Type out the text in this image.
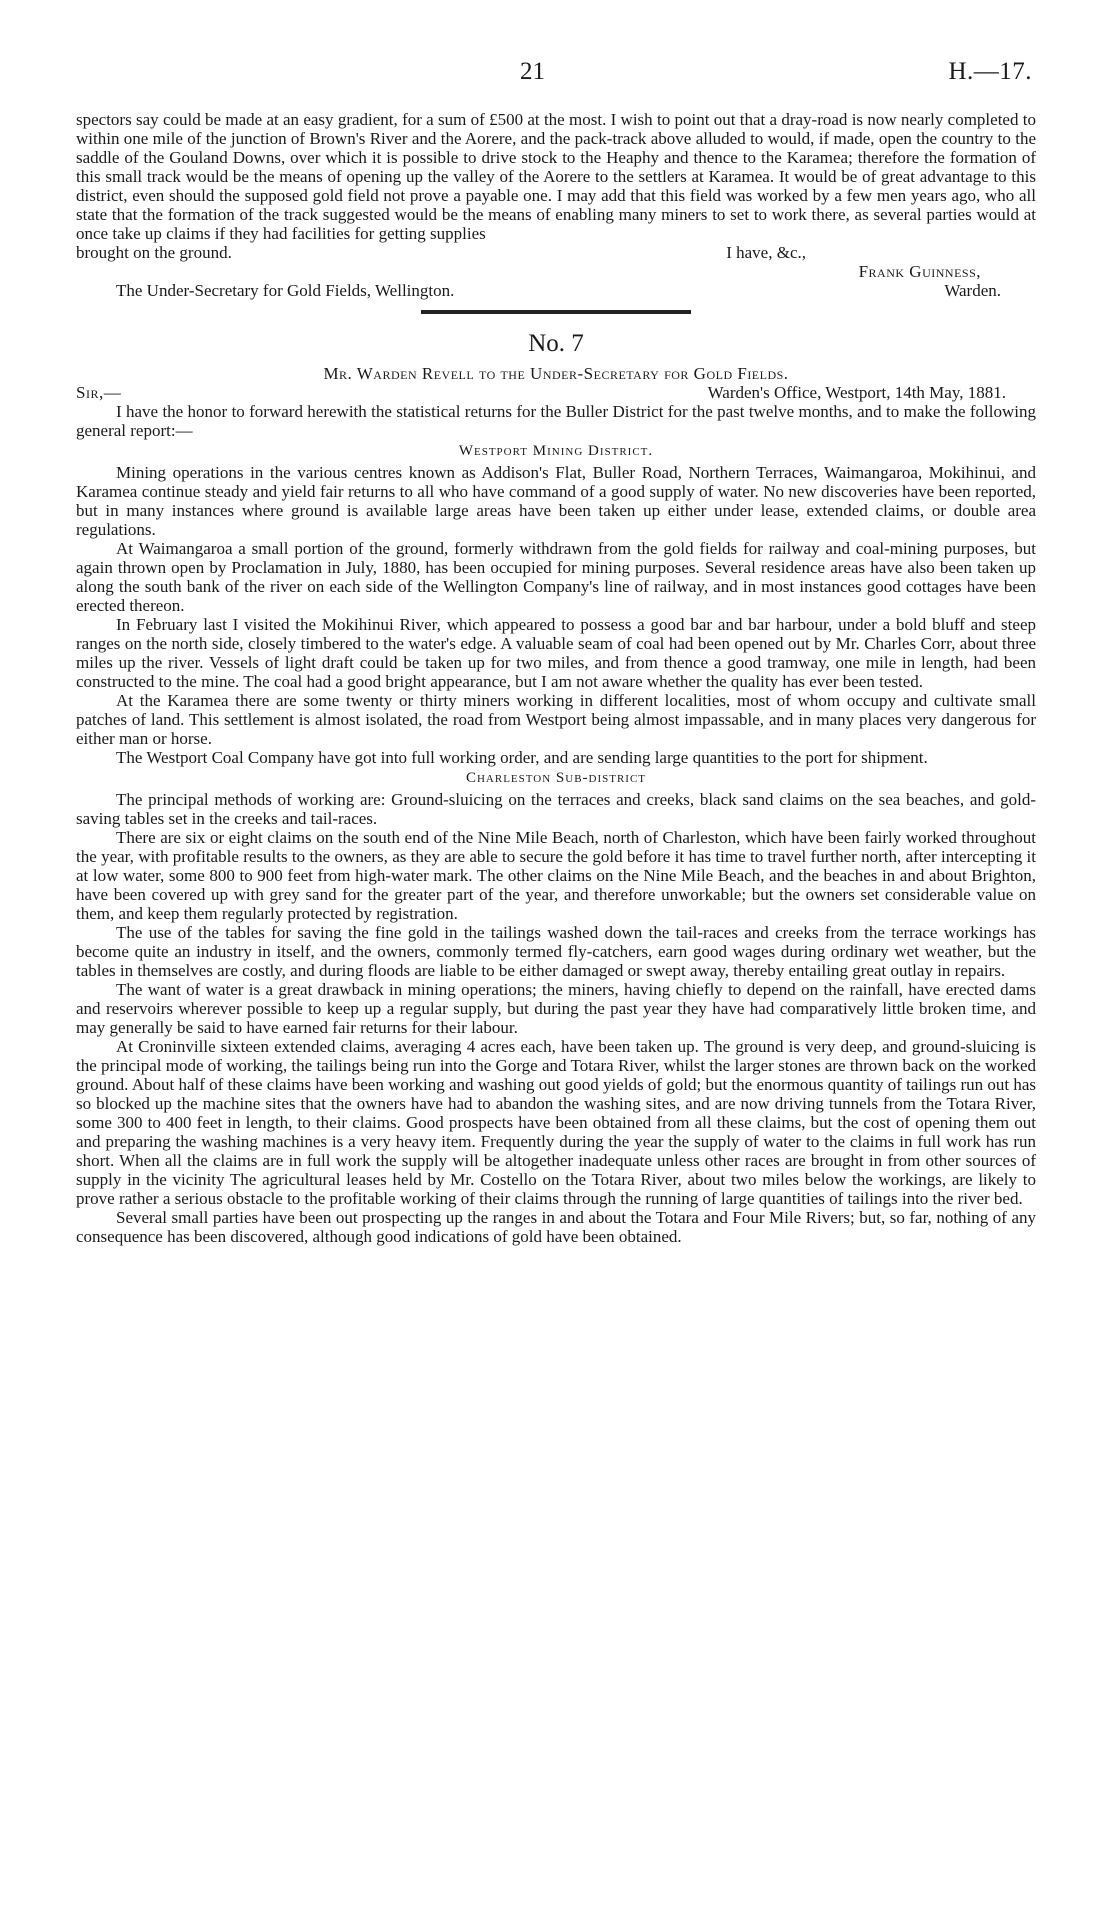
21	H.—17.

spectors say could be made at an easy gradient, for a sum of £500 at the most. I wish to point out that a dray-road is now nearly completed to within one mile of the junction of Brown's River and the Aorere, and the pack-track above alluded to would, if made, open the country to the saddle of the Gouland Downs, over which it is possible to drive stock to the Heaphy and thence to the Karamea; therefore the formation of this small track would be the means of opening up the valley of the Aorere to the settlers at Karamea. It would be of great advantage to this district, even should the supposed gold field not prove a payable one. I may add that this field was worked by a few men years ago, who all state that the formation of the track suggested would be the means of enabling many miners to set to work there, as several parties would at once take up claims if they had facilities for getting supplies

brought on the ground.	I have, &c.,
Frank Guinness,
The Under-Secretary for Gold Fields, Wellington.	Warden.
No. 7
Mr. Warden Revell to the Under-Secretary for Gold Fields.
Sir,—	Warden's Office, Westport, 14th May, 1881.

I have the honor to forward herewith the statistical returns for the Buller District for the past twelve months, and to make the following general report:—

Westport Mining District.

Mining operations in the various centres known as Addison's Flat, Buller Road, Northern Terraces, Waimangaroa, Mokihinui, and Karamea continue steady and yield fair returns to all who have command of a good supply of water. No new discoveries have been reported, but in many instances where ground is available large areas have been taken up either under lease, extended claims, or double area regulations.

At Waimangaroa a small portion of the ground, formerly withdrawn from the gold fields for railway and coal-mining purposes, but again thrown open by Proclamation in July, 1880, has been occupied for mining purposes. Several residence areas have also been taken up along the south bank of the river on each side of the Wellington Company's line of railway, and in most instances good cottages have been erected thereon.

In February last I visited the Mokihinui River, which appeared to possess a good bar and bar harbour, under a bold bluff and steep ranges on the north side, closely timbered to the water's edge. A valuable seam of coal had been opened out by Mr. Charles Corr, about three miles up the river. Vessels of light draft could be taken up for two miles, and from thence a good tramway, one mile in length, had been constructed to the mine. The coal had a good bright appearance, but I am not aware whether the quality has ever been tested.

At the Karamea there are some twenty or thirty miners working in different localities, most of whom occupy and cultivate small patches of land. This settlement is almost isolated, the road from Westport being almost impassable, and in many places very dangerous for either man or horse.

The Westport Coal Company have got into full working order, and are sending large quantities to the port for shipment.

Charleston Sub-district

The principal methods of working are: Ground-sluicing on the terraces and creeks, black sand claims on the sea beaches, and gold-saving tables set in the creeks and tail-races.

There are six or eight claims on the south end of the Nine Mile Beach, north of Charleston, which have been fairly worked throughout the year, with profitable results to the owners, as they are able to secure the gold before it has time to travel further north, after intercepting it at low water, some 800 to 900 feet from high-water mark. The other claims on the Nine Mile Beach, and the beaches in and about Brighton, have been covered up with grey sand for the greater part of the year, and therefore unworkable; but the owners set considerable value on them, and keep them regularly protected by registration.

The use of the tables for saving the fine gold in the tailings washed down the tail-races and creeks from the terrace workings has become quite an industry in itself, and the owners, commonly termed fly-catchers, earn good wages during ordinary wet weather, but the tables in themselves are costly, and during floods are liable to be either damaged or swept away, thereby entailing great outlay in repairs.

The want of water is a great drawback in mining operations; the miners, having chiefly to depend on the rainfall, have erected dams and reservoirs wherever possible to keep up a regular supply, but during the past year they have had comparatively little broken time, and may generally be said to have earned fair returns for their labour.

At Croninville sixteen extended claims, averaging 4 acres each, have been taken up. The ground is very deep, and ground-sluicing is the principal mode of working, the tailings being run into the Gorge and Totara River, whilst the larger stones are thrown back on the worked ground. About half of these claims have been working and washing out good yields of gold; but the enormous quantity of tailings run out has so blocked up the machine sites that the owners have had to abandon the washing sites, and are now driving tunnels from the Totara River, some 300 to 400 feet in length, to their claims. Good prospects have been obtained from all these claims, but the cost of opening them out and preparing the washing machines is a very heavy item. Frequently during the year the supply of water to the claims in full work has run short. When all the claims are in full work the supply will be altogether inadequate unless other races are brought in from other sources of supply in the vicinity The agricultural leases held by Mr. Costello on the Totara River, about two miles below the workings, are likely to prove rather a serious obstacle to the profitable working of their claims through the running of large quantities of tailings into the river bed.

Several small parties have been out prospecting up the ranges in and about the Totara and Four Mile Rivers; but, so far, nothing of any consequence has been discovered, although good indications of gold have been obtained.
